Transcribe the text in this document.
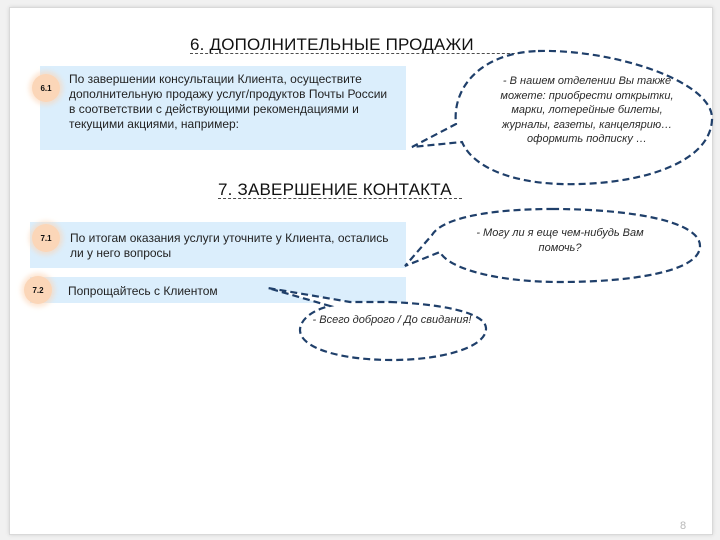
6. ДОПОЛНИТЕЛЬНЫЕ ПРОДАЖИ
6.1

По завершении консультации Клиента, осуществите дополнительную продажу услуг/продуктов Почты России в соответствии с действующими рекомендациями и текущими акциями, например:

7. ЗАВЕРШЕНИЕ КОНТАКТА
7.1	По итогам оказания услуги уточните у Клиента, остались ли у него вопросы

7.2	Попрощайтесь с Клиентом

- В нашем отделении Вы также можете: приобрести открытки, марки, лотерейные билеты, журналы, газеты, канцелярию… оформить подписку …

- Могу ли я еще чем-нибудь Вам помочь?

- Всего доброго / До свидания!

8
